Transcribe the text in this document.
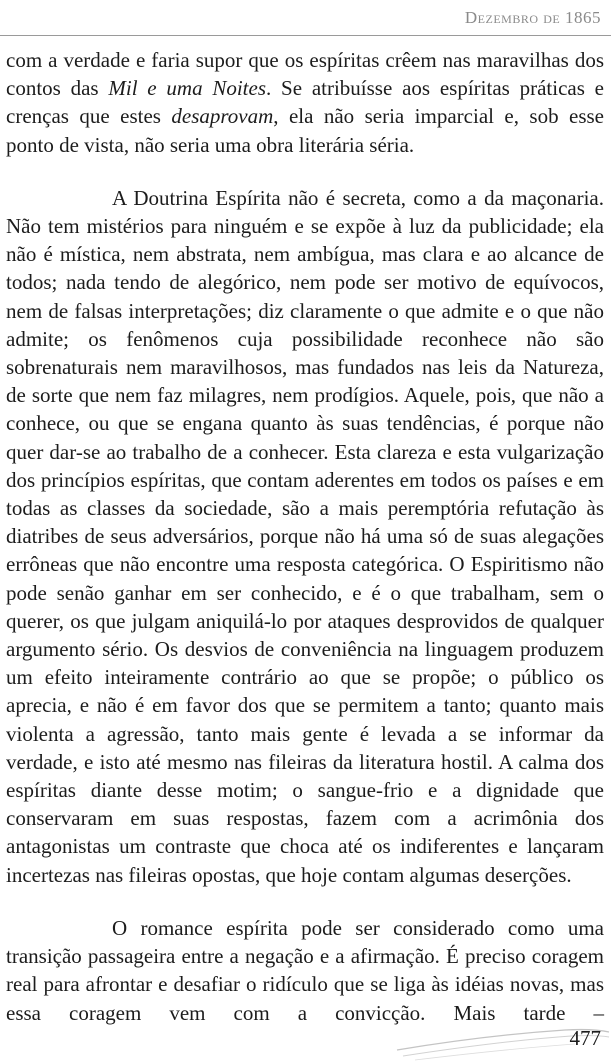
Dezembro de 1865

com a verdade e faria supor que os espíritas crêem nas maravilhas dos contos das Mil e uma Noites. Se atribuísse aos espíritas práticas e crenças que estes desaprovam, ela não seria imparcial e, sob esse ponto de vista, não seria uma obra literária séria.

A Doutrina Espírita não é secreta, como a da maçonaria. Não tem mistérios para ninguém e se expõe à luz da publicidade; ela não é mística, nem abstrata, nem ambígua, mas clara e ao alcance de todos; nada tendo de alegórico, nem pode ser motivo de equívocos, nem de falsas interpretações; diz claramente o que admite e o que não admite; os fenômenos cuja possibilidade reconhece não são sobrenaturais nem maravilhosos, mas fundados nas leis da Natureza, de sorte que nem faz milagres, nem prodígios. Aquele, pois, que não a conhece, ou que se engana quanto às suas tendências, é porque não quer dar-se ao trabalho de a conhecer. Esta clareza e esta vulgarização dos princípios espíritas, que contam aderentes em todos os países e em todas as classes da sociedade, são a mais peremptória refutação às diatribes de seus adversários, porque não há uma só de suas alegações errôneas que não encontre uma resposta categórica. O Espiritismo não pode senão ganhar em ser conhecido, e é o que trabalham, sem o querer, os que julgam aniquilá-lo por ataques desprovidos de qualquer argumento sério. Os desvios de conveniência na linguagem produzem um efeito inteiramente contrário ao que se propõe; o público os aprecia, e não é em favor dos que se permitem a tanto; quanto mais violenta a agressão, tanto mais gente é levada a se informar da verdade, e isto até mesmo nas fileiras da literatura hostil. A calma dos espíritas diante desse motim; o sangue-frio e a dignidade que conservaram em suas respostas, fazem com a acrimônia dos antagonistas um contraste que choca até os indiferentes e lançaram incertezas nas fileiras opostas, que hoje contam algumas deserções.

O romance espírita pode ser considerado como uma transição passageira entre a negação e a afirmação. É preciso coragem real para afrontar e desafiar o ridículo que se liga às idéias novas, mas essa coragem vem com a convicção. Mais tarde –

477
